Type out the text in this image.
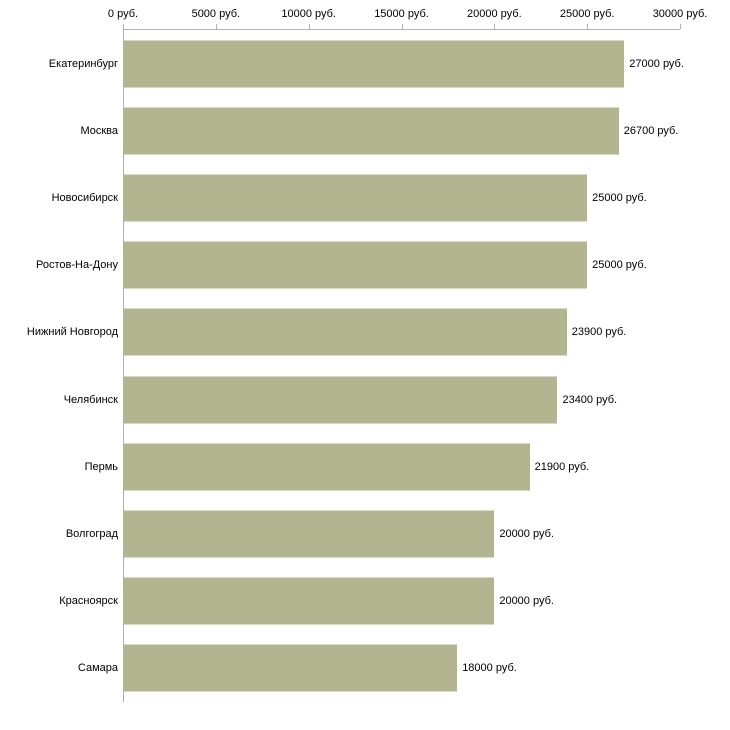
0 руб.	5000 руб.	10000 руб.	15000 руб.	20000 руб.	25000 руб.	30000 руб.
Екатеринбург
Москва
Новосибирск
Ростов-На-Дону
Нижний Новгород
Челябинск
Пермь
Волгоград
Красноярск
Самара
27000 руб.
26700 руб.
25000 руб.
25000 руб.
23900 руб.
23400 руб.
21900 руб.
20000 руб.
20000 руб.
18000 руб.
